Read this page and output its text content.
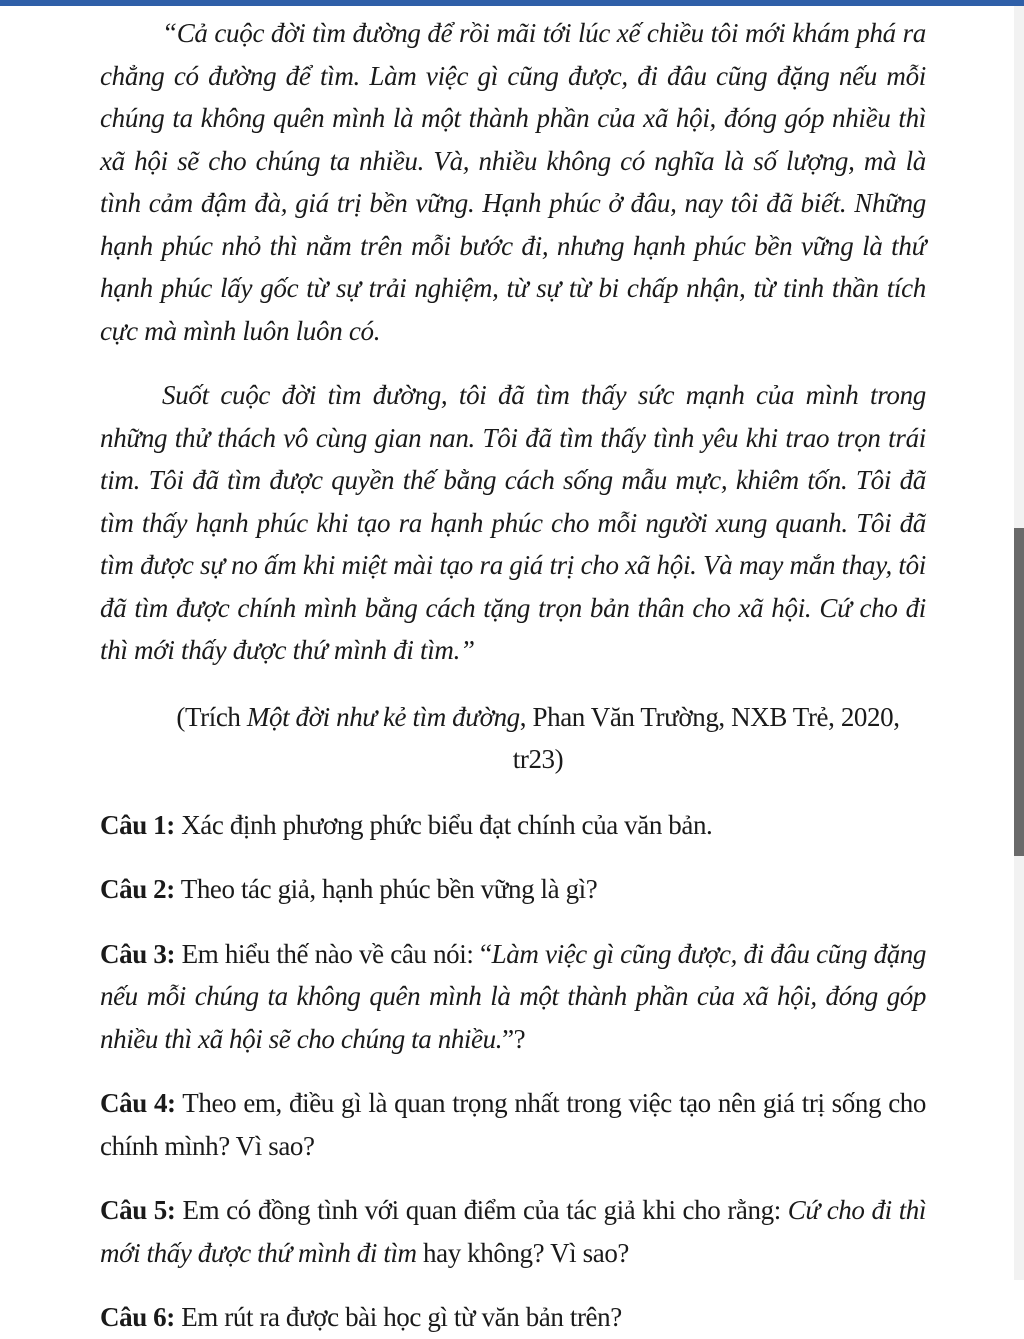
“Cả cuộc đời tìm đường để rồi mãi tới lúc xế chiều tôi mới khám phá ra chẳng có đường để tìm. Làm việc gì cũng được, đi đâu cũng đặng nếu mỗi chúng ta không quên mình là một thành phần của xã hội, đóng góp nhiều thì xã hội sẽ cho chúng ta nhiều. Và, nhiều không có nghĩa là số lượng, mà là tình cảm đậm đà, giá trị bền vững. Hạnh phúc ở đâu, nay tôi đã biết. Những hạnh phúc nhỏ thì nằm trên mỗi bước đi, nhưng hạnh phúc bền vững là thứ hạnh phúc lấy gốc từ sự trải nghiệm, từ sự từ bi chấp nhận, từ tinh thần tích cực mà mình luôn luôn có.

Suốt cuộc đời tìm đường, tôi đã tìm thấy sức mạnh của mình trong những thử thách vô cùng gian nan. Tôi đã tìm thấy tình yêu khi trao trọn trái tim. Tôi đã tìm được quyền thế bằng cách sống mẫu mực, khiêm tốn. Tôi đã tìm thấy hạnh phúc khi tạo ra hạnh phúc cho mỗi người xung quanh. Tôi đã tìm được sự no ấm khi miệt mài tạo ra giá trị cho xã hội. Và may mắn thay, tôi đã tìm được chính mình bằng cách tặng trọn bản thân cho xã hội. Cứ cho đi thì mới thấy được thứ mình đi tìm.”

(Trích Một đời như kẻ tìm đường, Phan Văn Trường, NXB Trẻ, 2020, tr23)

Câu 1: Xác định phương phức biểu đạt chính của văn bản.

Câu 2: Theo tác giả, hạnh phúc bền vững là gì?

Câu 3: Em hiểu thế nào về câu nói: “Làm việc gì cũng được, đi đâu cũng đặng nếu mỗi chúng ta không quên mình là một thành phần của xã hội, đóng góp nhiều thì xã hội sẽ cho chúng ta nhiều.”?

Câu 4: Theo em, điều gì là quan trọng nhất trong việc tạo nên giá trị sống cho chính mình? Vì sao?

Câu 5: Em có đồng tình với quan điểm của tác giả khi cho rằng: Cứ cho đi thì mới thấy được thứ mình đi tìm hay không? Vì sao?

Câu 6: Em rút ra được bài học gì từ văn bản trên?
